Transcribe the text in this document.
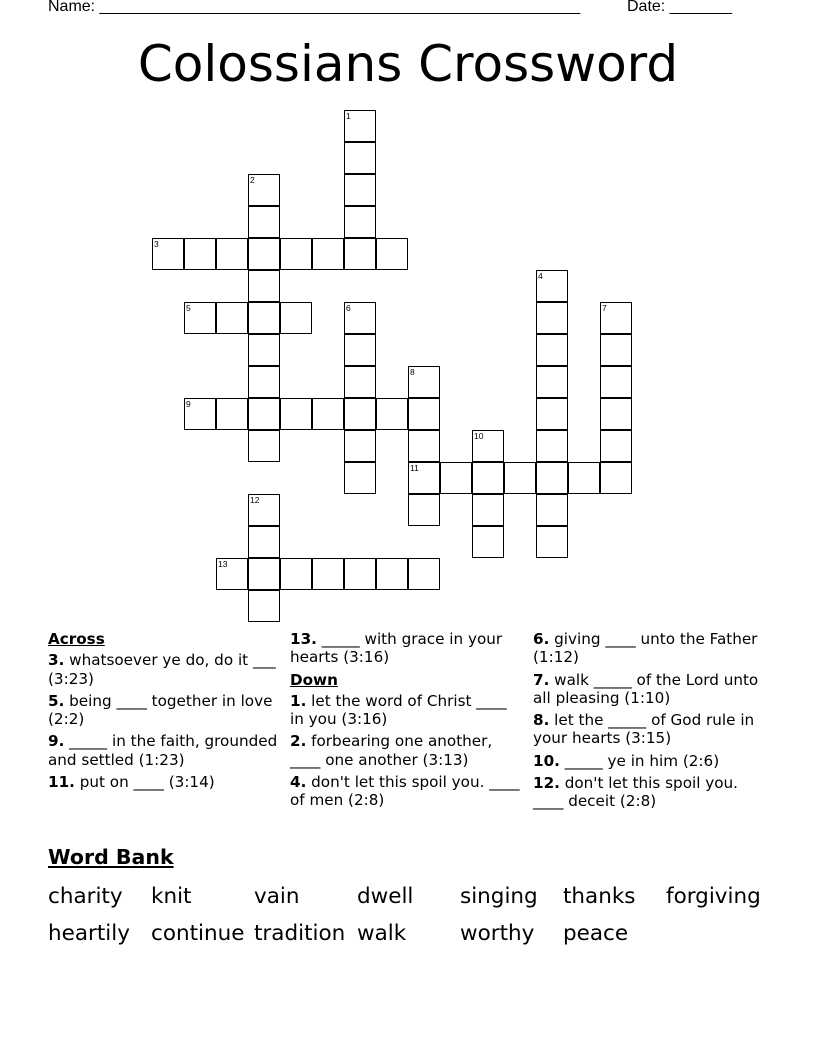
Name: ______________________________________________________	Date: _______
Colossians Crossword
2
1
3
4
5	6	7
8
11
9
10
12
13
Across
3. whatsoever ye do, do it ___ (3:23)
5. being ____ together in love (2:2)
9. _____ in the faith, grounded and settled (1:23)
11. put on ____ (3:14)
13. _____ with grace in your hearts (3:16)
Down
1. let the word of Christ ____ in you (3:16)
2. forbearing one another, ____ one another (3:13)
4. don't let this spoil you. ____ of men (2:8)
6. giving ____ unto the Father (1:12)
7. walk _____ of the Lord unto all pleasing (1:10)
8. let the _____ of God rule in your hearts (3:15)
10. _____ ye in him (2:6)
12. don't let this spoil you. ____ deceit (2:8)
Word Bank
charity knit	vain	dwell singing thanks forgiving
heartily continue tradition walk	worthy peace
